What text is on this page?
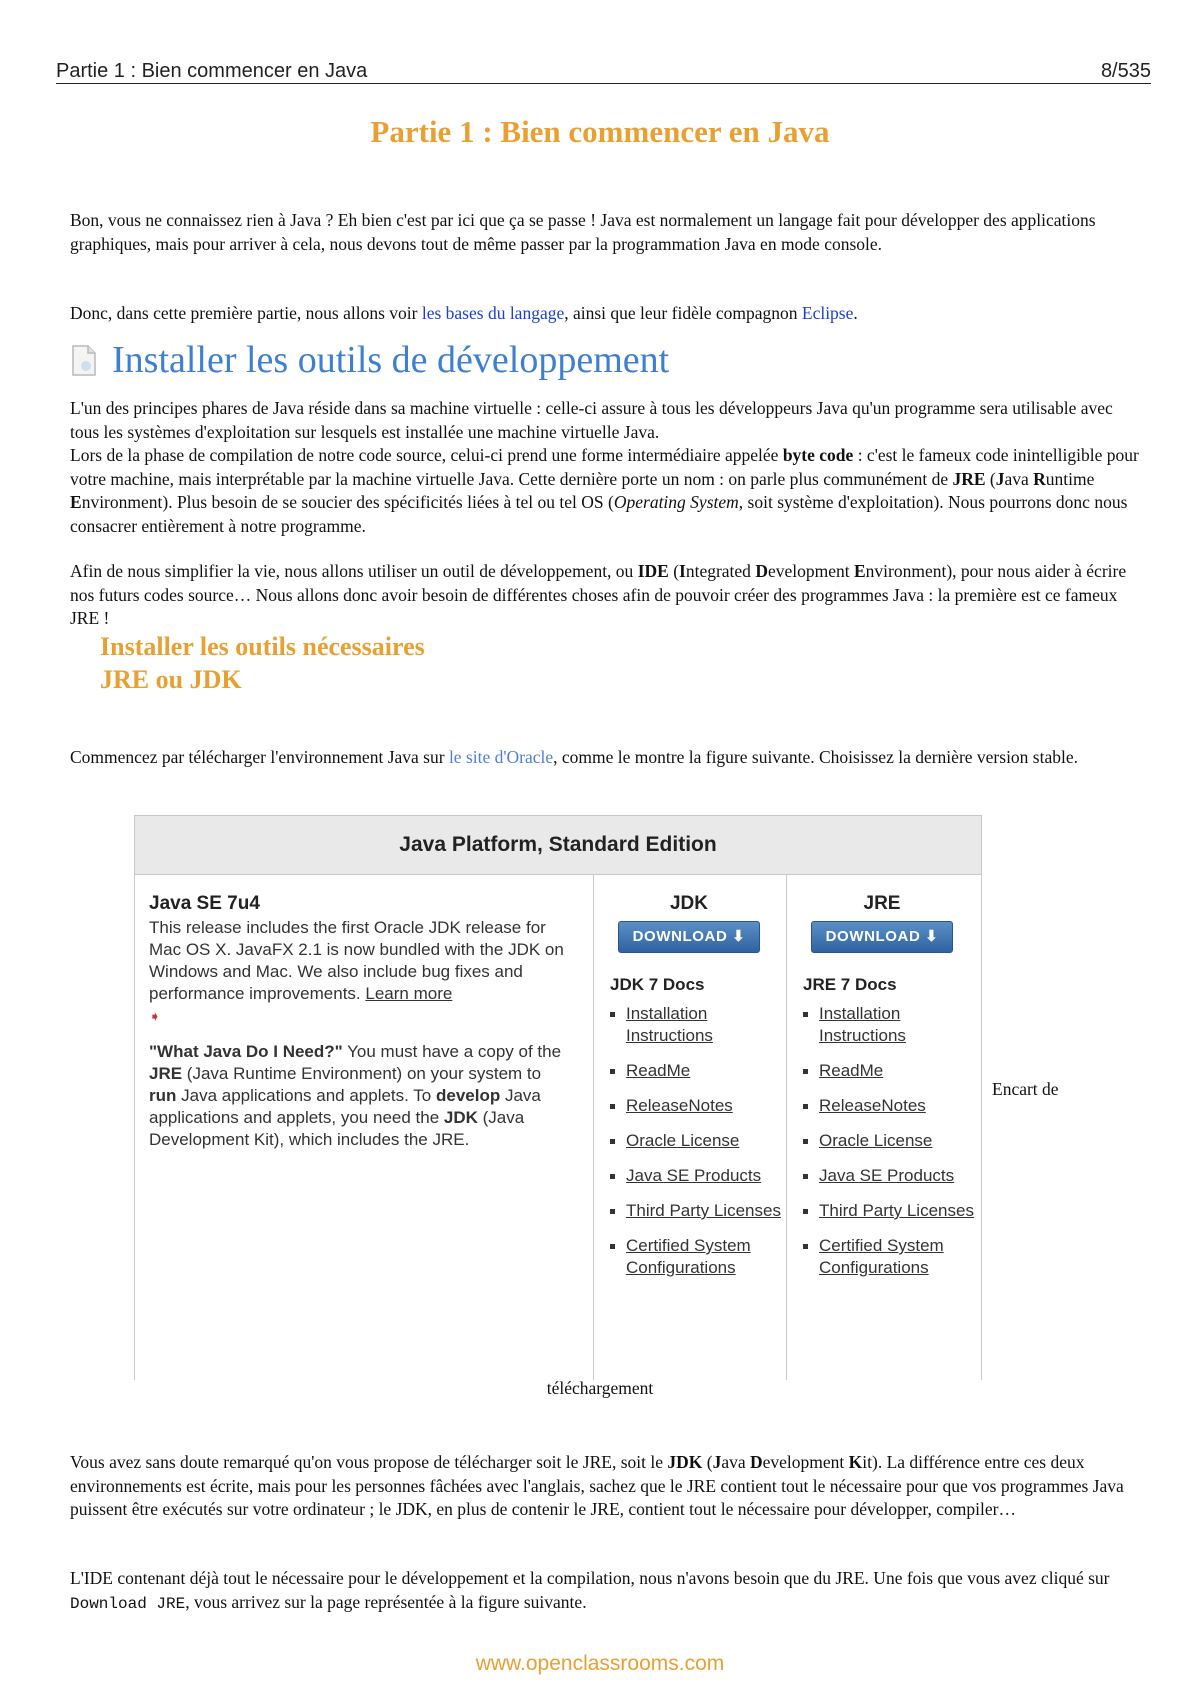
Partie 1 : Bien commencer en Java	8/535
Partie 1 : Bien commencer en Java

Bon, vous ne connaissez rien à Java ? Eh bien c'est par ici que ça se passe ! Java est normalement un langage fait pour développer des applications graphiques, mais pour arriver à cela, nous devons tout de même passer par la programmation Java en mode console.

Donc, dans cette première partie, nous allons voir les bases du langage, ainsi que leur fidèle compagnon Eclipse.

Installer les outils de développement

L'un des principes phares de Java réside dans sa machine virtuelle : celle-ci assure à tous les développeurs Java qu'un programme sera utilisable avec tous les systèmes d'exploitation sur lesquels est installée une machine virtuelle Java.

Lors de la phase de compilation de notre code source, celui-ci prend une forme intermédiaire appelée byte code : c'est le fameux code inintelligible pour votre machine, mais interprétable par la machine virtuelle Java. Cette dernière porte un nom : on parle plus communément de JRE (Java Runtime Environment). Plus besoin de se soucier des spécificités liées à tel ou tel OS (Operating System, soit système d'exploitation). Nous pourrons donc nous consacrer entièrement à notre programme.

Afin de nous simplifier la vie, nous allons utiliser un outil de développement, ou IDE (Integrated Development Environment), pour nous aider à écrire nos futurs codes source… Nous allons donc avoir besoin de différentes choses afin de pouvoir créer des programmes Java : la première est ce fameux JRE !

Installer les outils nécessaires
JRE ou JDK

Commencez par télécharger l'environnement Java sur le site d'Oracle, comme le montre la figure suivante. Choisissez la dernière version stable.

Java Platform, Standard Edition
Java SE 7u4
This release includes the first Oracle JDK release for Mac OS X. JavaFX 2.1 is now bundled with the JDK on Windows and Mac. We also include bug fixes and performance improvements. Learn more
➧
"What Java Do I Need?" You must have a copy of the JRE (Java Runtime Environment) on your system to run Java applications and applets. To develop Java applications and applets, you need the JDK (Java Development Kit), which includes the JRE.
JDK
DOWNLOAD ⬇
JDK 7 Docs
Installation Instructions
ReadMe
ReleaseNotes
Oracle License
Java SE Products
Third Party Licenses
Certified System Configurations
JRE
DOWNLOAD ⬇
JRE 7 Docs
Installation Instructions
ReadMe
ReleaseNotes
Oracle License
Java SE Products
Third Party Licenses
Certified System Configurations
Encart de
téléchargement

Vous avez sans doute remarqué qu'on vous propose de télécharger soit le JRE, soit le JDK (Java Development Kit). La différence entre ces deux environnements est écrite, mais pour les personnes fâchées avec l'anglais, sachez que le JRE contient tout le nécessaire pour que vos programmes Java puissent être exécutés sur votre ordinateur ; le JDK, en plus de contenir le JRE, contient tout le nécessaire pour développer, compiler…

L'IDE contenant déjà tout le nécessaire pour le développement et la compilation, nous n'avons besoin que du JRE. Une fois que vous avez cliqué sur Download JRE, vous arrivez sur la page représentée à la figure suivante.

www.openclassrooms.com
